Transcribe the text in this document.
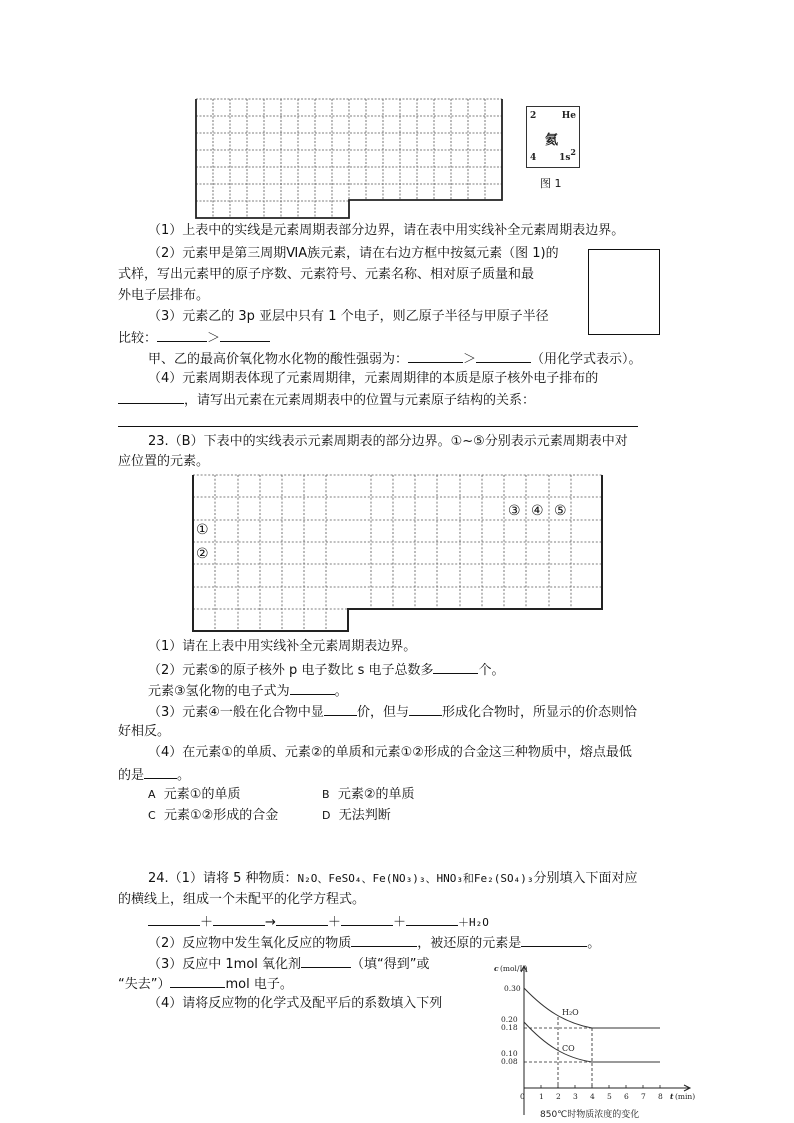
2	He
氦
4	$1s^2$
图 1
（1）上表中的实线是元素周期表部分边界，请在表中用实线补全元素周期表边界。
（2）元素甲是第三周期ⅥA族元素，请在右边方框中按氦元素（图 1)的
式样，写出元素甲的原子序数、元素符号、元素名称、相对原子质量和最
外电子层排布。
（3）元素乙的 3p 亚层中只有 1 个电子，则乙原子半径与甲原子半径
比较：	＞
甲、乙的最高价氧化物水化物的酸性强弱为：	＞	（用化学式表示）。
（4）元素周期表体现了元素周期律，元素周期律的本质是原子核外电子排布的
，请写出元素在元素周期表中的位置与元素原子结构的关系：
23.（B）下表中的实线表示元素周期表的部分边界。①~⑤分别表示元素周期表中对
应位置的元素。
①
②
③ ④ ⑤
（1）请在上表中用实线补全元素周期表边界。
（2）元素⑤的原子核外 p 电子数比 s 电子总数多	个。
元素③氢化物的电子式为	。
（3）元素④一般在化合物中显	价，但与	形成化合物时，所显示的价态则恰
好相反。
（4）在元素①的单质、元素②的单质和元素①②形成的合金这三种物质中，熔点最低
的是	。
A 元素①的单质	B 元素②的单质
C 元素①②形成的合金	D 无法判断
24.（1）请将 5 种物质：N₂O、FeSO₄、Fe(NO₃)₃、HNO₃和Fe₂(SO₄)₃分别填入下面对应
的横线上，组成一个未配平的化学方程式。
＋	→	＋	＋	＋H₂O
（2）反应物中发生氧化反应的物质	，被还原的元素是	。
（3）反应中 1mol 氧化剂	（填“得到”或
“失去”）	mol 电子。
（4）请将反应物的化学式及配平后的系数填入下列
c (mol/L)
0.30
0.20
0.18
0.10
0.08
0 1 2 3 4 5 6 7 8 t (min)
H₂O
CO
850℃时物质浓度的变化
